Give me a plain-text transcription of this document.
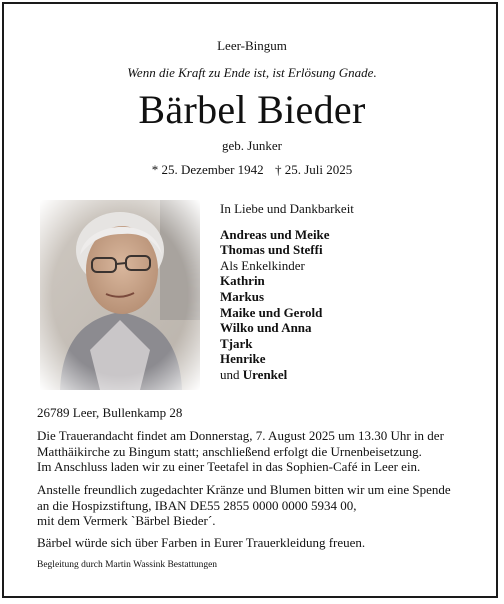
Leer-Bingum
Wenn die Kraft zu Ende ist, ist Erlösung Gnade.
Bärbel Bieder
geb. Junker
* 25. Dezember 1942 † 25. Juli 2025
In Liebe und Dankbarkeit
Andreas und Meike
Thomas und Steffi
Als Enkelkinder
Kathrin
Markus
Maike und Gerold
Wilko und Anna
Tjark
Henrike
und Urenkel
26789 Leer, Bullenkamp 28

Die Trauerandacht findet am Donnerstag, 7. August 2025 um 13.30 Uhr in der

Matthäikirche zu Bingum statt; anschließend erfolgt die Urnenbeisetzung.

Im Anschluss laden wir zu einer Teetafel in das Sophien-Café in Leer ein.

Anstelle freundlich zugedachter Kränze und Blumen bitten wir um eine Spende

an die Hospizstiftung, IBAN DE55 2855 0000 0000 5934 00,

mit dem Vermerk `Bärbel Bieder´.

Bärbel würde sich über Farben in Eurer Trauerkleidung freuen.
Begleitung durch Martin Wassink Bestattungen
